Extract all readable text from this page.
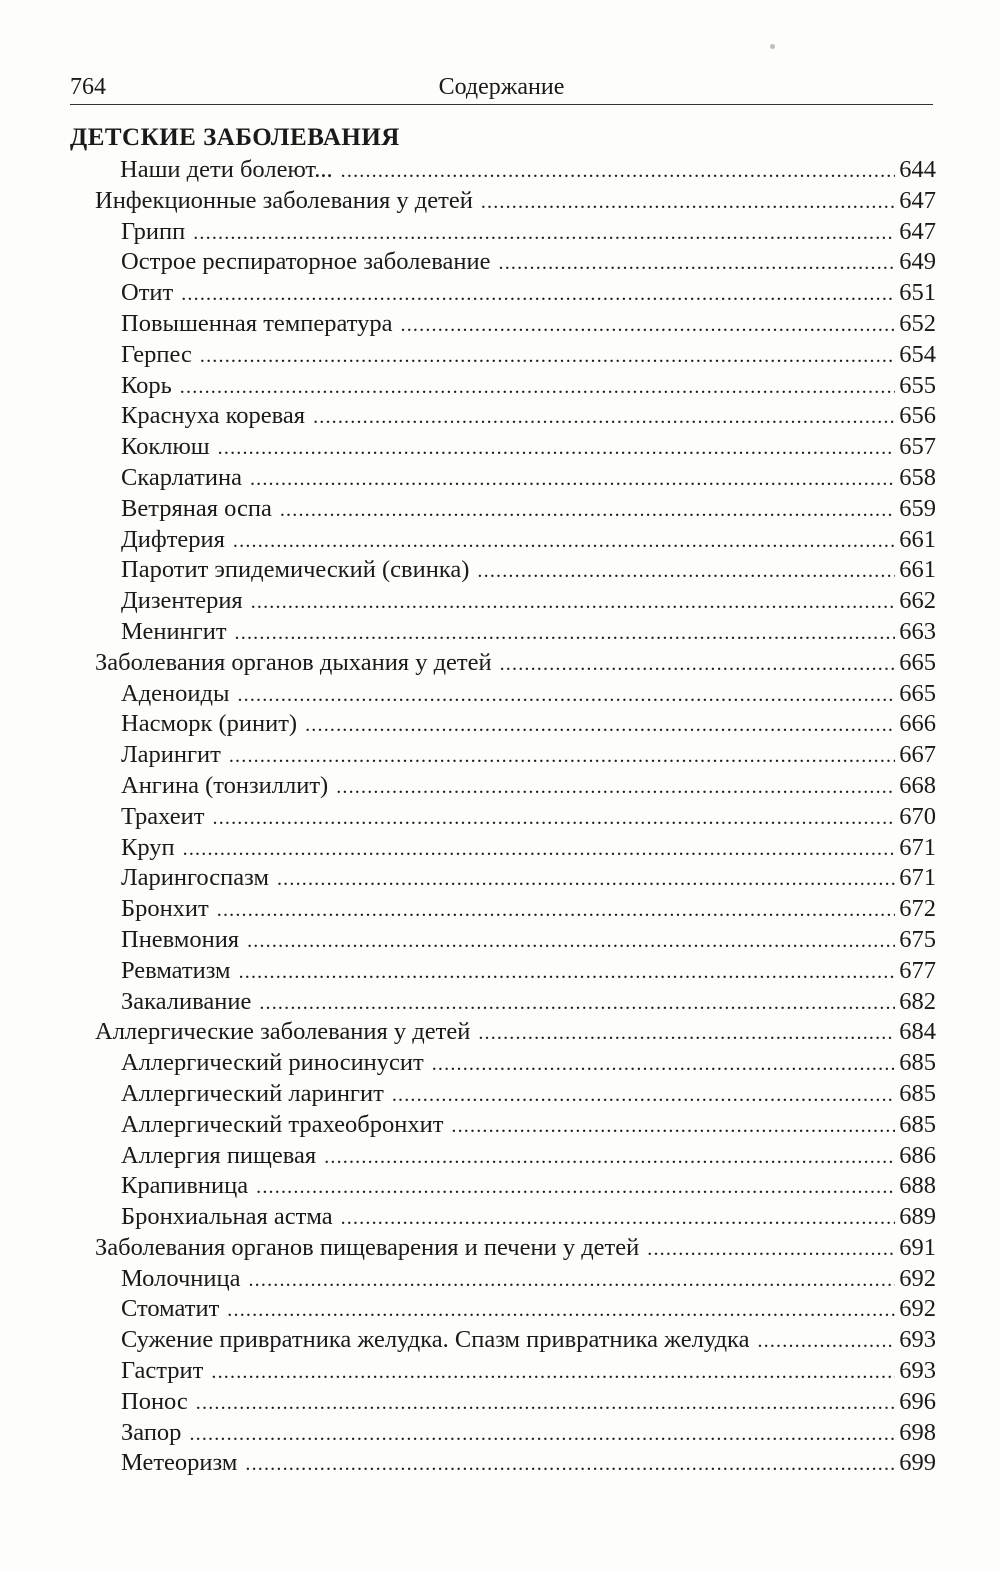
764	Содержание
ДЕТСКИЕ ЗАБОЛЕВАНИЯ
Наши дети болеют... .....	644
Инфекционные заболевания у детей .....	647
Грипп .....	647
Острое респираторное заболевание .....	649
Отит .....	651
Повышенная температура .....	652
Герпес .....	654
Корь .....	655
Краснуха коревая .....	656
Коклюш .....	657
Скарлатина .....	658
Ветряная оспа .....	659
Дифтерия .....	661
Паротит эпидемический (свинка) .....	661
Дизентерия .....	662
Менингит .....	663
Заболевания органов дыхания у детей .....	665
Аденоиды .....	665
Насморк (ринит) .....	666
Ларингит .....	667
Ангина (тонзиллит) .....	668
Трахеит .....	670
Круп .....	671
Ларингоспазм .....	671
Бронхит .....	672
Пневмония .....	675
Ревматизм .....	677
Закаливание .....	682
Аллергические заболевания у детей .....	684
Аллергический риносинусит .....	685
Аллергический ларингит .....	685
Аллергический трахеобронхит .....	685
Аллергия пищевая .....	686
Крапивница .....	688
Бронхиальная астма .....	689
Заболевания органов пищеварения и печени у детей .....	691
Молочница .....	692
Стоматит .....	692
Сужение привратника желудка. Спазм привратника желудка .....	693
Гастрит .....	693
Понос .....	696
Запор .....	698
Метеоризм .....	699
